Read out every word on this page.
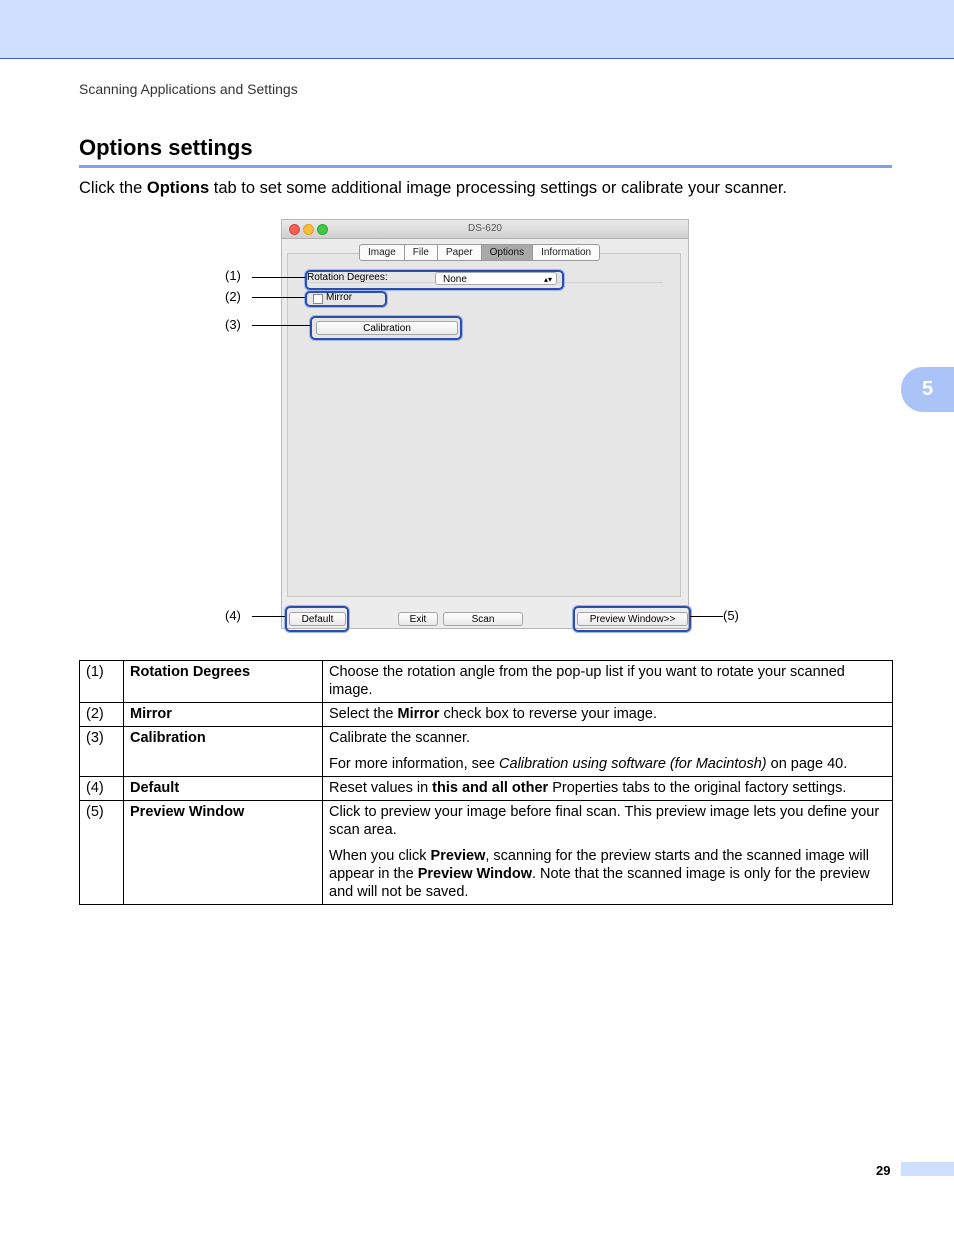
Scanning Applications and Settings
Options settings
Click the Options tab to set some additional image processing settings or calibrate your scanner.
5
DS-620
Image	File	Paper	Options	Information
Rotation Degrees:	None	▴▾
Mirror
Calibration
Default	Exit	Scan	Preview Window>>
(1)
(2)
(3)
(4)	(5)
(1)	Rotation Degrees	Choose the rotation angle from the pop-up list if you want to rotate your scanned image.

(2)	Mirror	Select the Mirror check box to reverse your image.

(3)	Calibration	Calibrate the scanner.

For more information, see Calibration using software (for Macintosh) on page 40.

(4)	Default	Reset values in this and all other Properties tabs to the original factory settings.

(5)	Preview Window	Click to preview your image before final scan. This preview image lets you define your scan area.

When you click Preview, scanning for the preview starts and the scanned image will appear in the Preview Window. Note that the scanned image is only for the preview and will not be saved.

29
